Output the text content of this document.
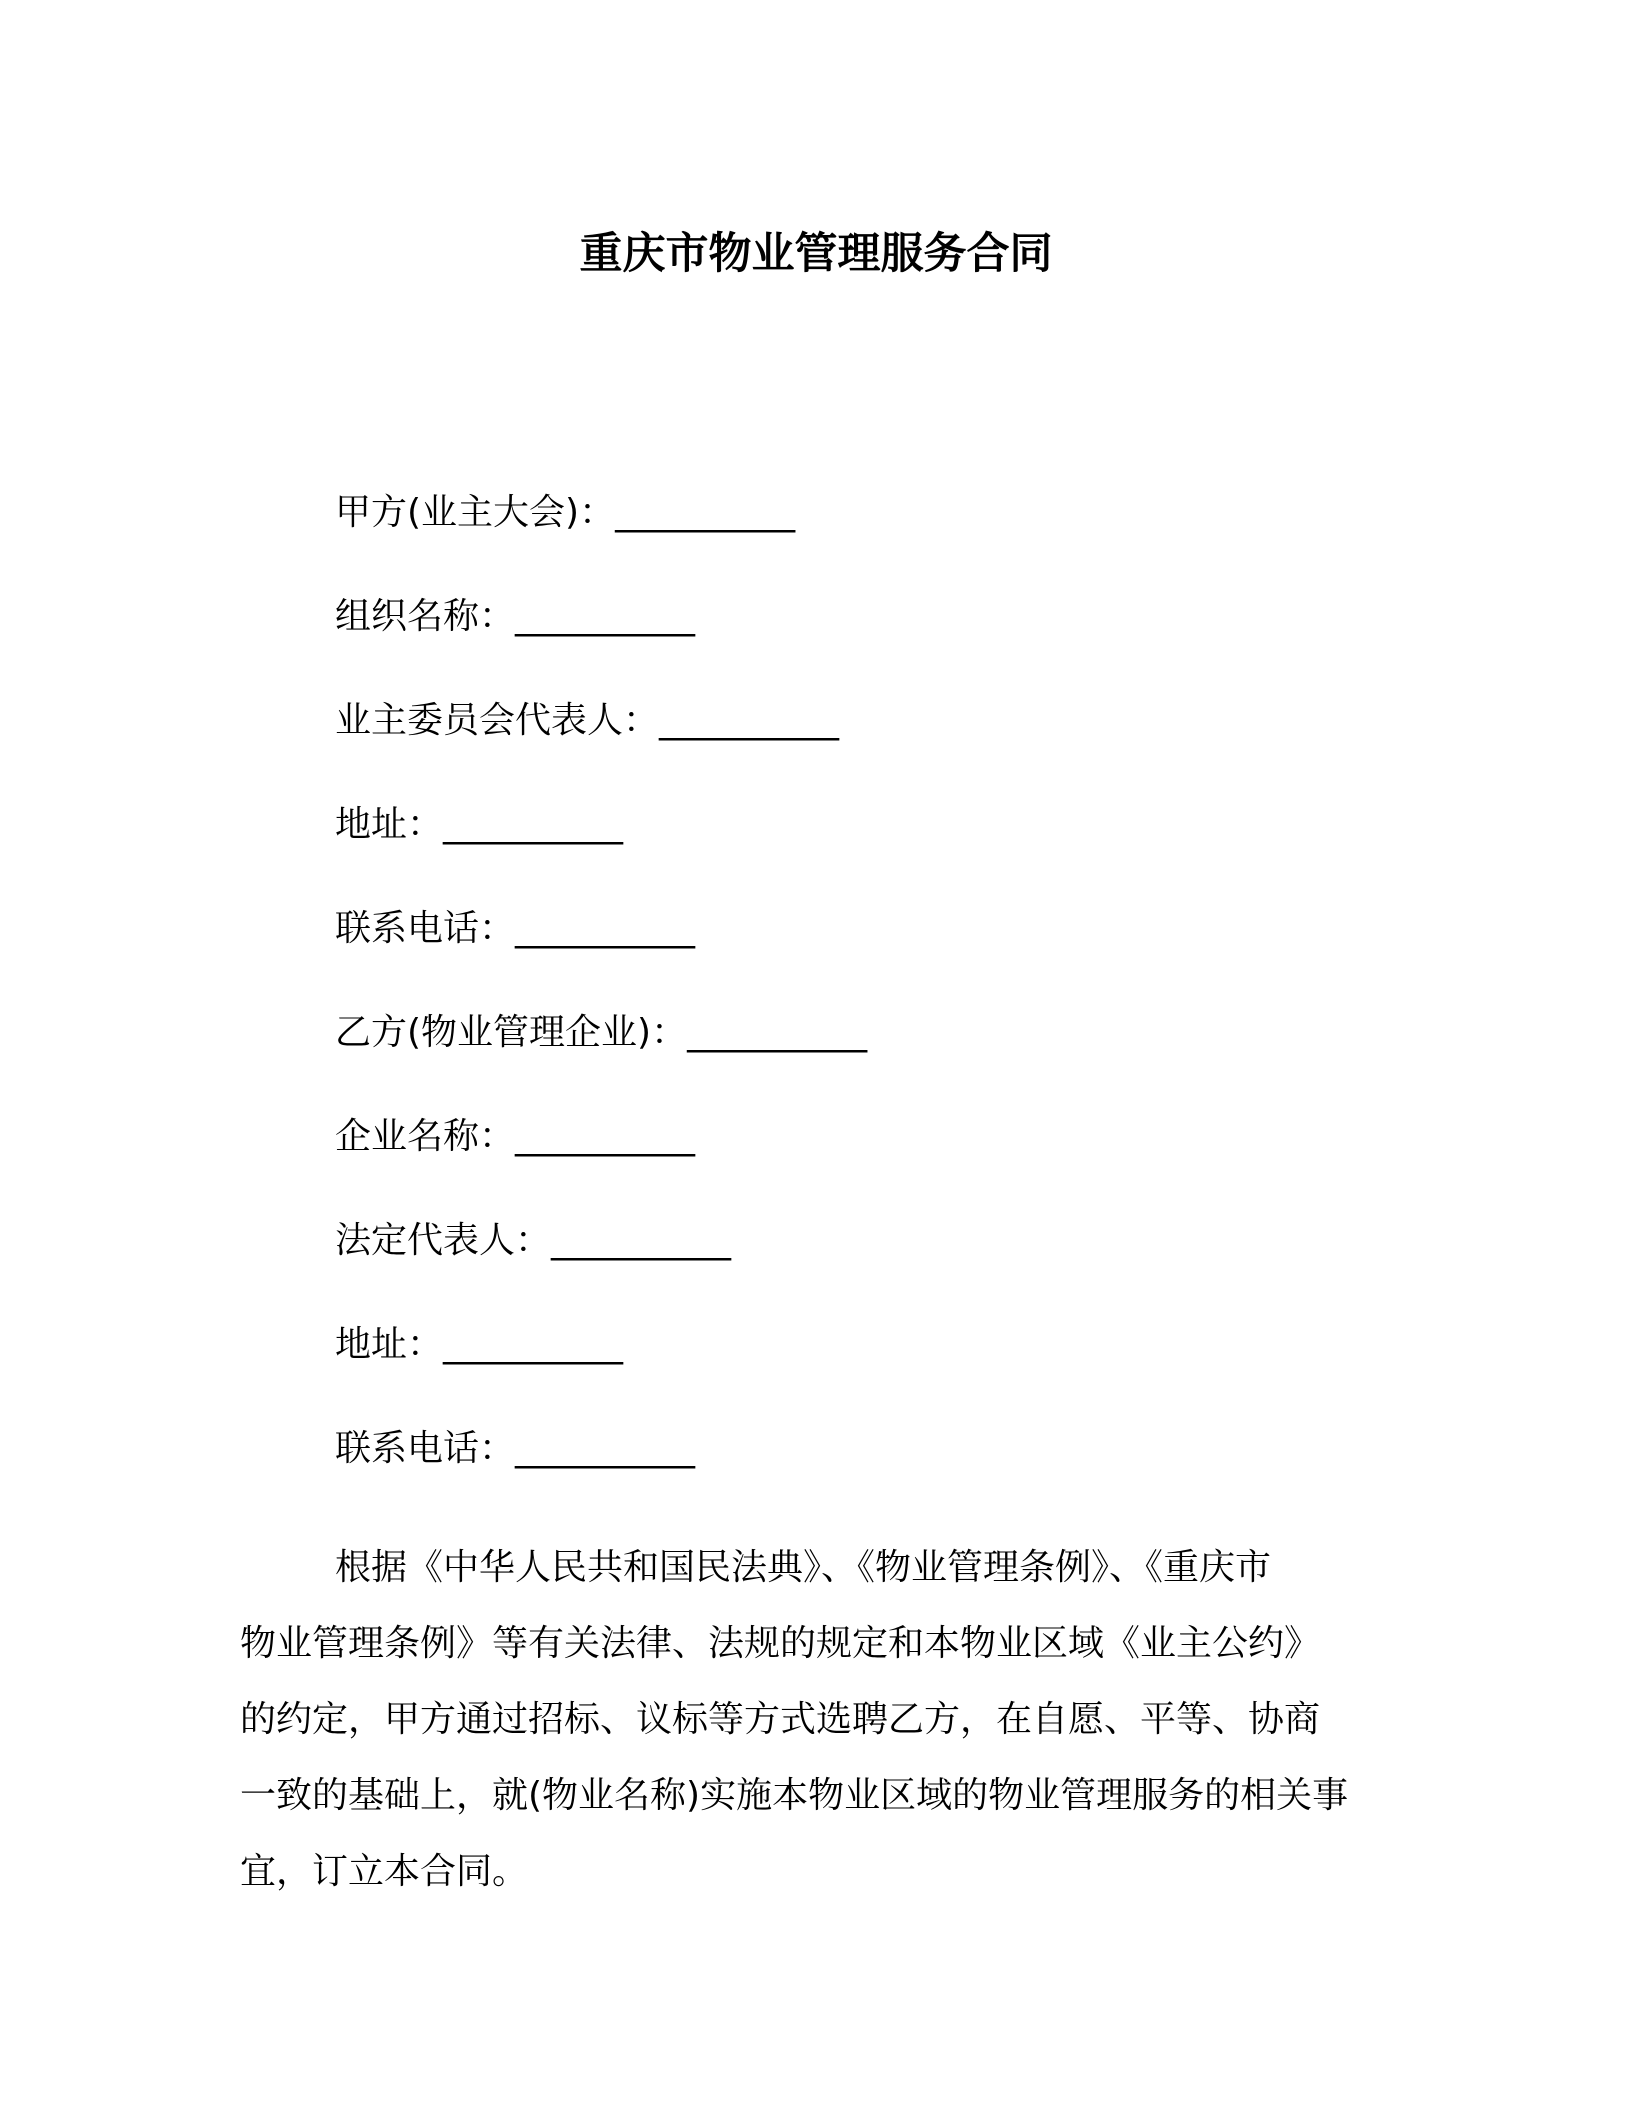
重庆市物业管理服务合同
甲方(业主大会)：__________
组织名称：__________
业主委员会代表人：__________
地址：__________
联系电话：__________
乙方(物业管理企业)：__________
企业名称：__________
法定代表人：__________
地址：__________
联系电话：__________
根据《中华人民共和国民法典》、《物业管理条例》、《重庆市
物业管理条例》等有关法律、法规的规定和本物业区域《业主公约》
的约定，甲方通过招标、议标等方式选聘乙方，在自愿、平等、协商
一致的基础上，就(物业名称)实施本物业区域的物业管理服务的相关事
宜，订立本合同。
